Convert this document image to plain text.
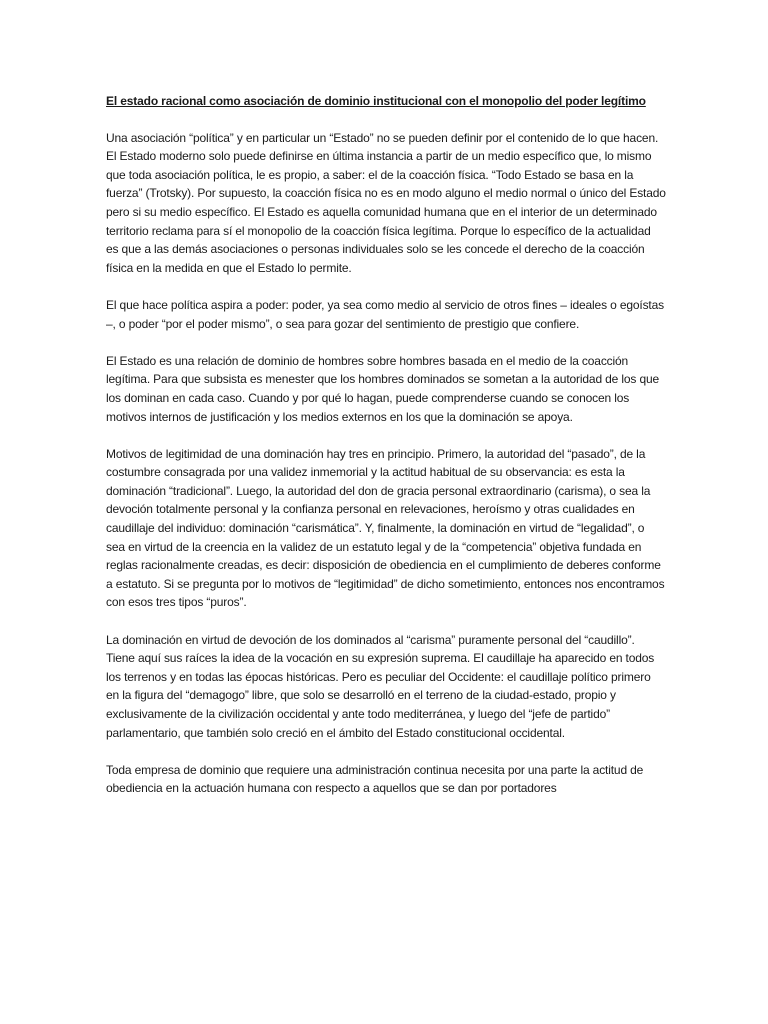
El estado racional como asociación de dominio institucional con el monopolio del poder legítimo

Una asociación “política” y en particular un “Estado” no se pueden definir por el contenido de lo que hacen. El Estado moderno solo puede definirse en última instancia a partir de un medio específico que, lo mismo que toda asociación política, le es propio, a saber: el de la coacción física. “Todo Estado se basa en la fuerza” (Trotsky). Por supuesto, la coacción física no es en modo alguno el medio normal o único del Estado pero si su medio específico. El Estado es aquella comunidad humana que en el interior de un determinado territorio reclama para sí el monopolio de la coacción física legítima. Porque lo específico de la actualidad es que a las demás asociaciones o personas individuales solo se les concede el derecho de la coacción física en la medida en que el Estado lo permite.

El que hace política aspira a poder: poder, ya sea como medio al servicio de otros fines – ideales o egoístas –, o poder “por el poder mismo”, o sea para gozar del sentimiento de prestigio que confiere.

El Estado es una relación de dominio de hombres sobre hombres basada en el medio de la coacción legítima. Para que subsista es menester que los hombres dominados se sometan a la autoridad de los que los dominan en cada caso. Cuando y por qué lo hagan, puede comprenderse cuando se conocen los motivos internos de justificación y los medios externos en los que la dominación se apoya.

Motivos de legitimidad de una dominación hay tres en principio. Primero, la autoridad del “pasado”, de la costumbre consagrada por una validez inmemorial y la actitud habitual de su observancia: es esta la dominación “tradicional”. Luego, la autoridad del don de gracia personal extraordinario (carisma), o sea la devoción totalmente personal y la confianza personal en relevaciones, heroísmo y otras cualidades en caudillaje del individuo: dominación “carismática”. Y, finalmente, la dominación en virtud de “legalidad”, o sea en virtud de la creencia en la validez de un estatuto legal y de la “competencia” objetiva fundada en reglas racionalmente creadas, es decir: disposición de obediencia en el cumplimiento de deberes conforme a estatuto. Si se pregunta por lo motivos de “legitimidad” de dicho sometimiento, entonces nos encontramos con esos tres tipos “puros”.

La dominación en virtud de devoción de los dominados al “carisma” puramente personal del “caudillo”. Tiene aquí sus raíces la idea de la vocación en su expresión suprema. El caudillaje ha aparecido en todos los terrenos y en todas las épocas históricas. Pero es peculiar del Occidente: el caudillaje político primero en la figura del “demagogo” libre, que solo se desarrolló en el terreno de la ciudad-estado, propio y exclusivamente de la civilización occidental y ante todo mediterránea, y luego del “jefe de partido” parlamentario, que también solo creció en el ámbito del Estado constitucional occidental.

Toda empresa de dominio que requiere una administración continua necesita por una parte la actitud de obediencia en la actuación humana con respecto a aquellos que se dan por portadores
